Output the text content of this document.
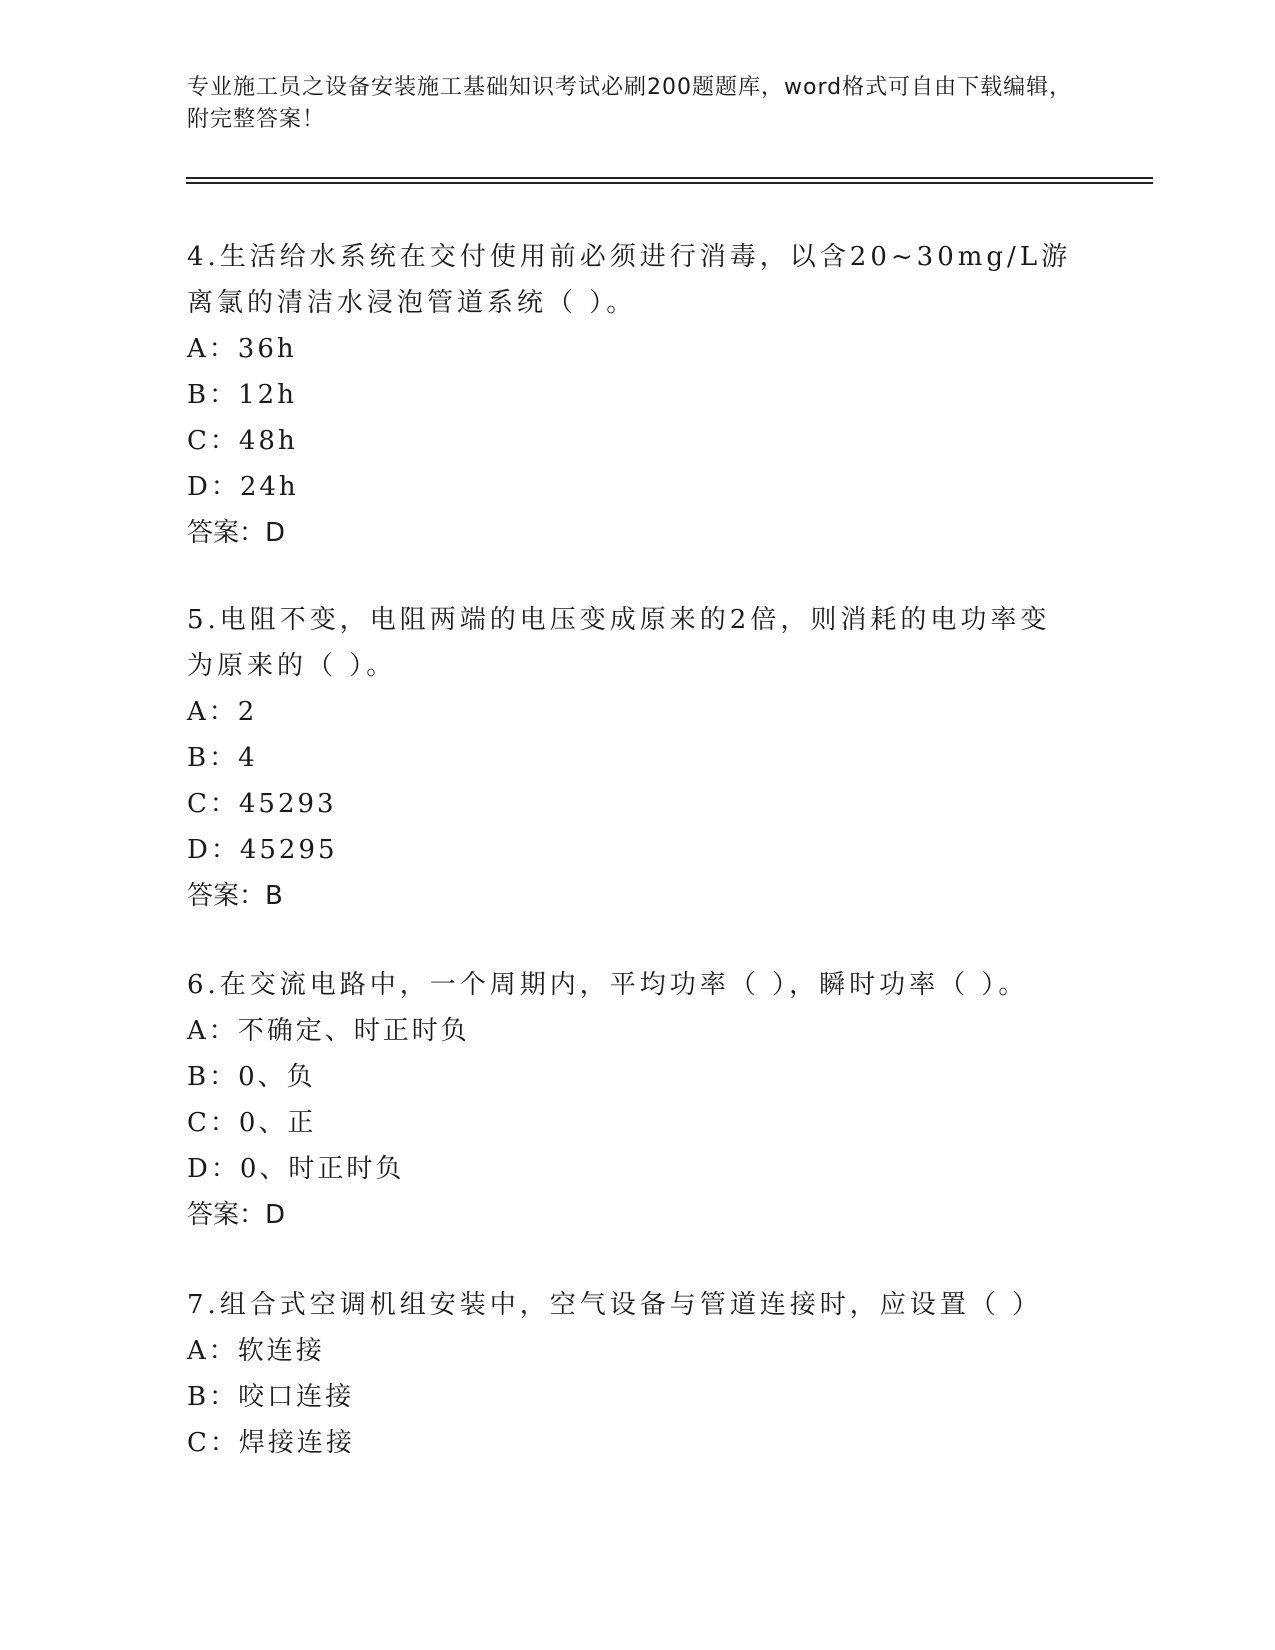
专业施工员之设备安装施工基础知识考试必刷200题题库，word格式可自由下载编辑，附完整答案！

4.生活给水系统在交付使用前必须进行消毒，以含20~30mg/L游离氯的清洁水浸泡管道系统（ ）。

A：36h

B：12h

C：48h

D：24h

答案：D

5.电阻不变，电阻两端的电压变成原来的2倍，则消耗的电功率变为原来的（ ）。

A：2

B：4

C：45293

D：45295

答案：B

6.在交流电路中，一个周期内，平均功率（ ），瞬时功率（ ）。

A：不确定、时正时负

B：0、负

C：0、正

D：0、时正时负

答案：D

7.组合式空调机组安装中，空气设备与管道连接时，应设置（ ）

A：软连接

B：咬口连接

C：焊接连接
